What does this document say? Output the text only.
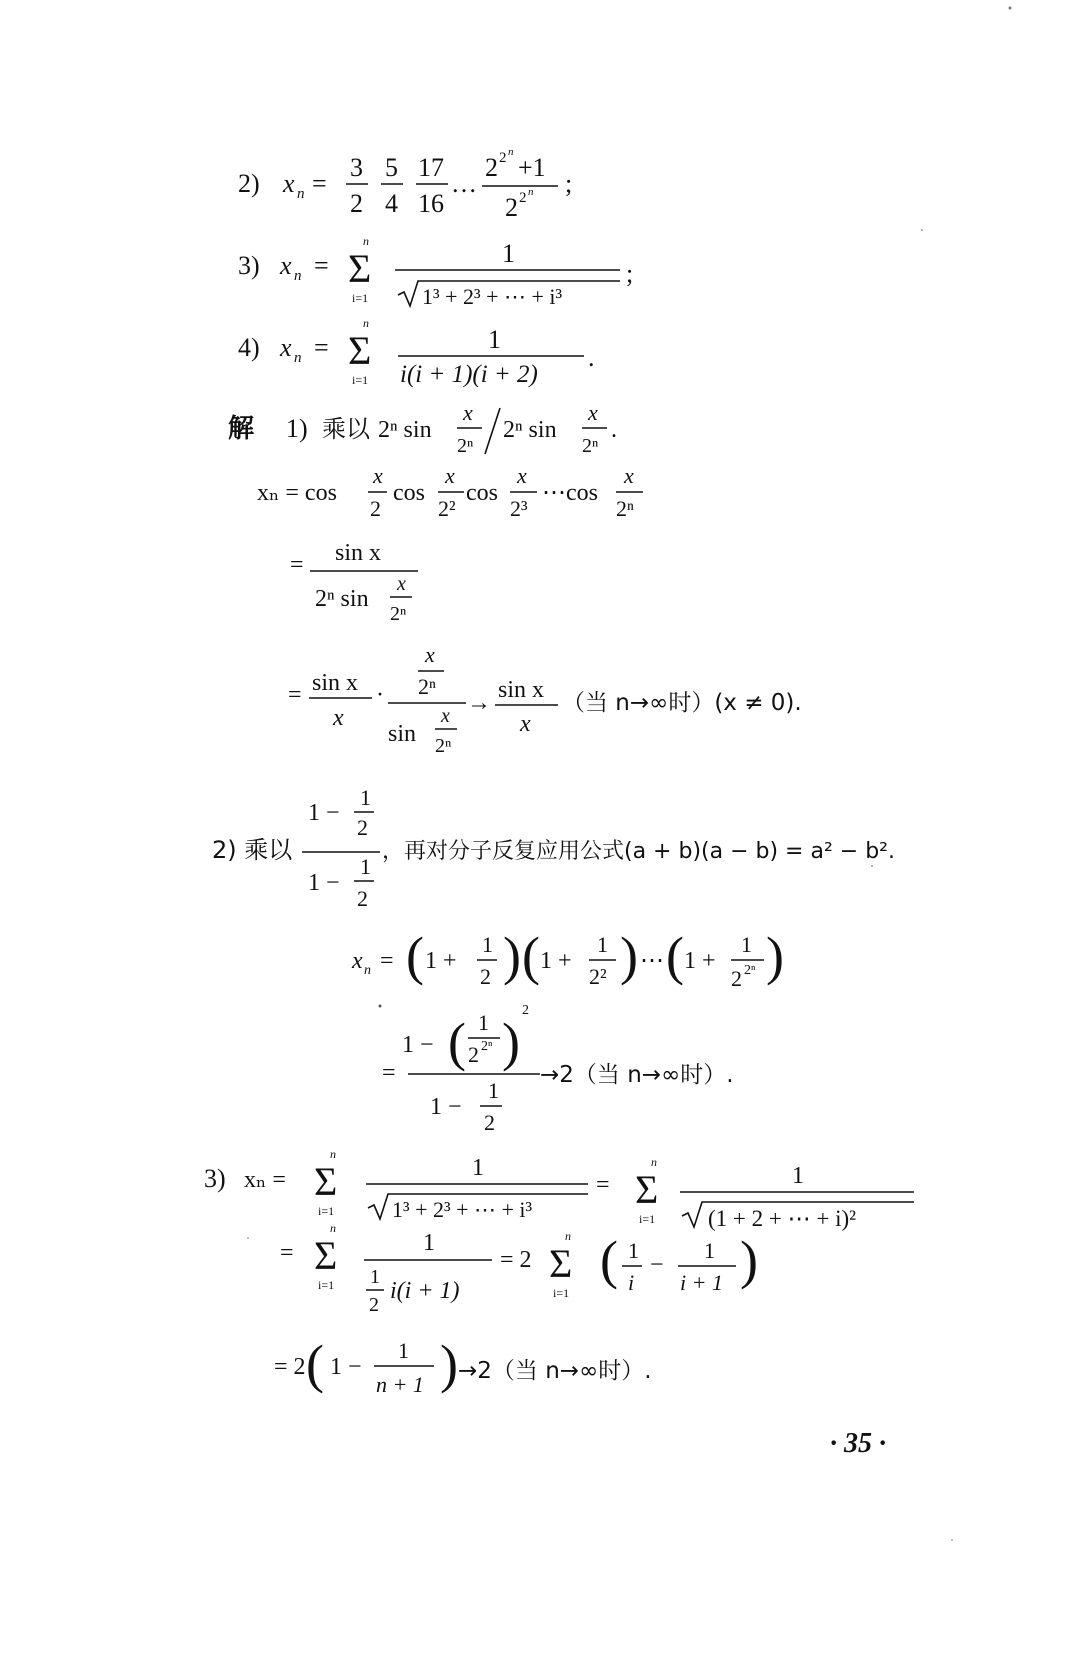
2) x n =
3
2
5
4
17
16
…
2 2 n
+1
2 2 n ;
3) x n =
n
Σ
i=1
1
1³ + 2³ + ⋯ + i³
;
4) x n =
n
Σ
i=1
1
i(i + 1)(i + 2)
.
解 1) 乘以 2ⁿ sin
x
2ⁿ
2ⁿ sin
x
2ⁿ
.
xₙ = cos
x
2
cos
x
2²
cos
x
2³
⋯cos
x
2ⁿ
= sin x
2ⁿ sin
x
2ⁿ
= sin x
x
·
x
2ⁿ
sin
x
2ⁿ
→ sin x
x
（当 n→∞时）(x ≠ 0).
1 −
1
2
2) 乘以
1 −
1
2
，再对分子反复应用公式(a + b)(a − b) = a² − b².
x n = ( 1 +
1
2 ) ( 1 +
1
2² ) ⋯ ( 1 +
1
2 2ⁿ )
1 − ( 1
2 2ⁿ )
2
=
1 −
1
2
→2（当 n→∞时）.
3) xₙ =
n
Σ
i=1
1
1³ + 2³ + ⋯ + i³
=
n
Σ
i=1
1
(1 + 2 + ⋯ + i)²
=
n
Σ
i=1
1
1
2
i(i + 1)
= 2
n
Σ
i=1
( 1
i
−
1
i + 1 )
= 2 ( 1 −
1
n + 1 ) →2（当 n→∞时）.
· 35 ·
